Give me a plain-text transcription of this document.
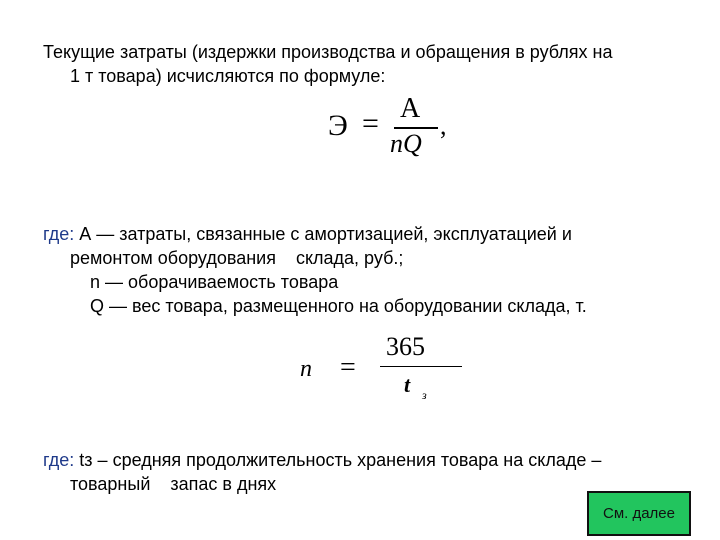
Текущие затраты (издержки производства и обращения в рублях на
1 т товара) исчисляются по формуле:
Э = А
nQ
,
где: А — затраты, связанные с амортизацией, эксплуатацией и
ремонтом оборудования склада, руб.;
n — оборачиваемость товара
Q — вес товара, размещенного на оборудовании склада, т.
n =
365
t з
где: tз – средняя продолжительность хранения товара на складе –
товарный запас в днях
См. далее
